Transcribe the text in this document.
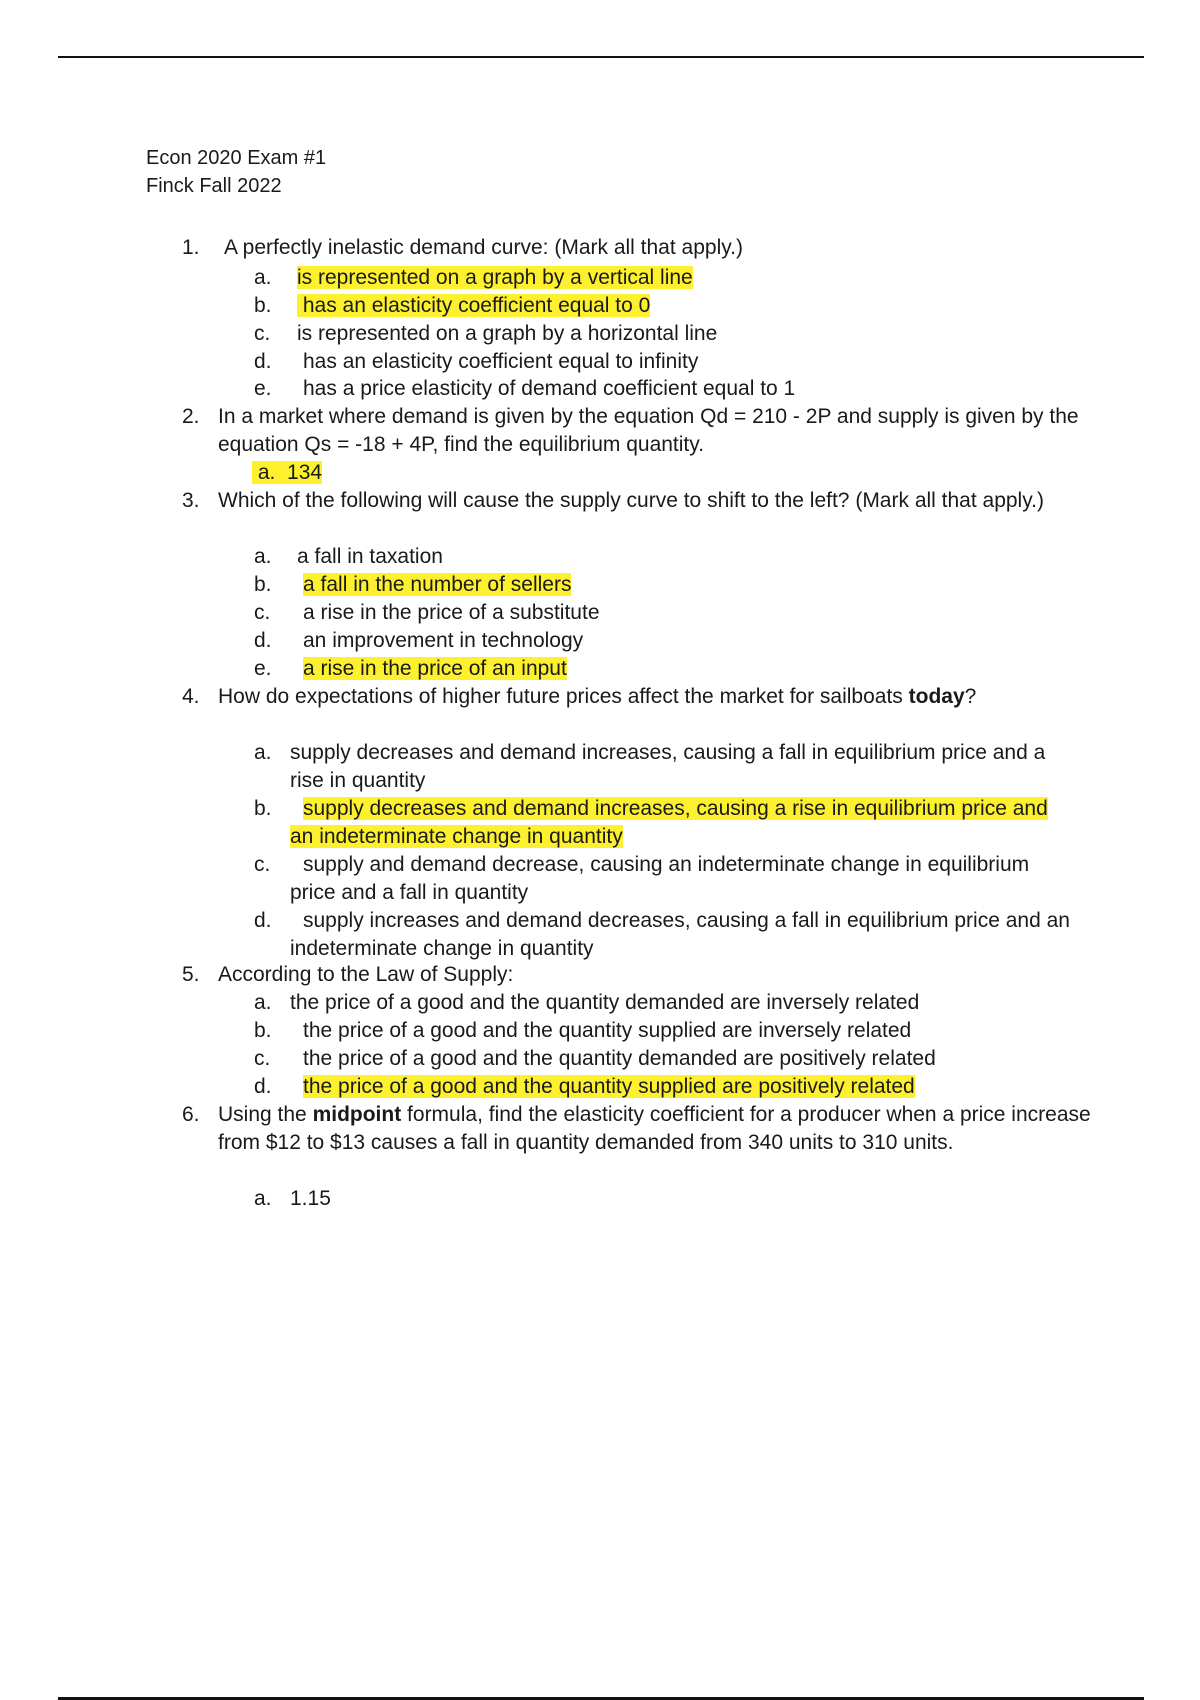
Econ 2020 Exam #1
Finck Fall 2022
1. A perfectly inelastic demand curve: (Mark all that apply.)

a. is represented on a graph by a vertical line
b. has an elasticity coefficient equal to 0
c. is represented on a graph by a horizontal line
d. has an elasticity coefficient equal to infinity
e. has a price elasticity of demand coefficient equal to 1
2. In a market where demand is given by the equation Qd = 210 - 2P and supply is given by the equation Qs = -18 + 4P, find the equilibrium quantity.

a. 134
3. Which of the following will cause the supply curve to shift to the left? (Mark all that apply.)

a. a fall in taxation
b. a fall in the number of sellers
c. a rise in the price of a substitute
d. an improvement in technology
e. a rise in the price of an input
4. How do expectations of higher future prices affect the market for sailboats today?

a. supply decreases and demand increases, causing a fall in equilibrium price and a rise in quantity
b.	supply decreases and demand increases, causing a rise in equilibrium price and an indeterminate change in quantity
c.	supply and demand decrease, causing an indeterminate change in equilibrium price and a fall in quantity
d.	supply increases and demand decreases, causing a fall in equilibrium price and an indeterminate change in quantity
5. According to the Law of Supply:

a. the price of a good and the quantity demanded are inversely related
b. the price of a good and the quantity supplied are inversely related
c. the price of a good and the quantity demanded are positively related
d. the price of a good and the quantity supplied are positively related
6. Using the midpoint formula, find the elasticity coefficient for a producer when a price increase from $12 to $13 causes a fall in quantity demanded from 340 units to 310 units.

a. 1.15
